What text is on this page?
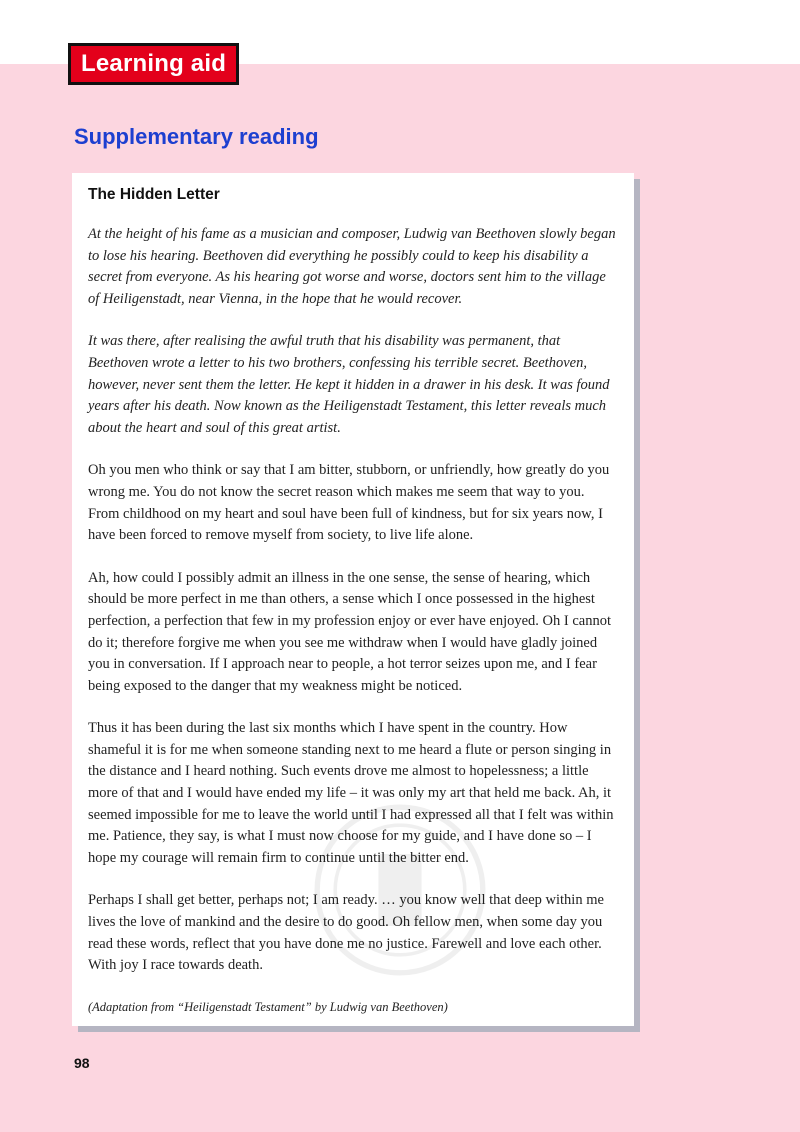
Learning aid
Supplementary reading
The Hidden Letter

At the height of his fame as a musician and composer, Ludwig van Beethoven slowly began to lose his hearing. Beethoven did everything he possibly could to keep his disability a secret from everyone. As his hearing got worse and worse, doctors sent him to the village of Heiligenstadt, near Vienna, in the hope that he would recover.

It was there, after realising the awful truth that his disability was permanent, that Beethoven wrote a letter to his two brothers, confessing his terrible secret. Beethoven, however, never sent them the letter. He kept it hidden in a drawer in his desk. It was found years after his death. Now known as the Heiligenstadt Testament, this letter reveals much about the heart and soul of this great artist.

Oh you men who think or say that I am bitter, stubborn, or unfriendly, how greatly do you wrong me. You do not know the secret reason which makes me seem that way to you. From childhood on my heart and soul have been full of kindness, but for six years now, I have been forced to remove myself from society, to live life alone.

Ah, how could I possibly admit an illness in the one sense, the sense of hearing, which should be more perfect in me than others, a sense which I once possessed in the highest perfection, a perfection that few in my profession enjoy or ever have enjoyed. Oh I cannot do it; therefore forgive me when you see me withdraw when I would have gladly joined you in conversation. If I approach near to people, a hot terror seizes upon me, and I fear being exposed to the danger that my weakness might be noticed.

Thus it has been during the last six months which I have spent in the country. How shameful it is for me when someone standing next to me heard a flute or person singing in the distance and I heard nothing. Such events drove me almost to hopelessness; a little more of that and I would have ended my life – it was only my art that held me back. Ah, it seemed impossible for me to leave the world until I had expressed all that I felt was within me. Patience, they say, is what I must now choose for my guide, and I have done so – I hope my courage will remain firm to continue until the bitter end.

Perhaps I shall get better, perhaps not; I am ready. … you know well that deep within me lives the love of mankind and the desire to do good. Oh fellow men, when some day you read these words, reflect that you have done me no justice. Farewell and love each other. With joy I race towards death.

(Adaptation from “Heiligenstadt Testament” by Ludwig van Beethoven)

98
